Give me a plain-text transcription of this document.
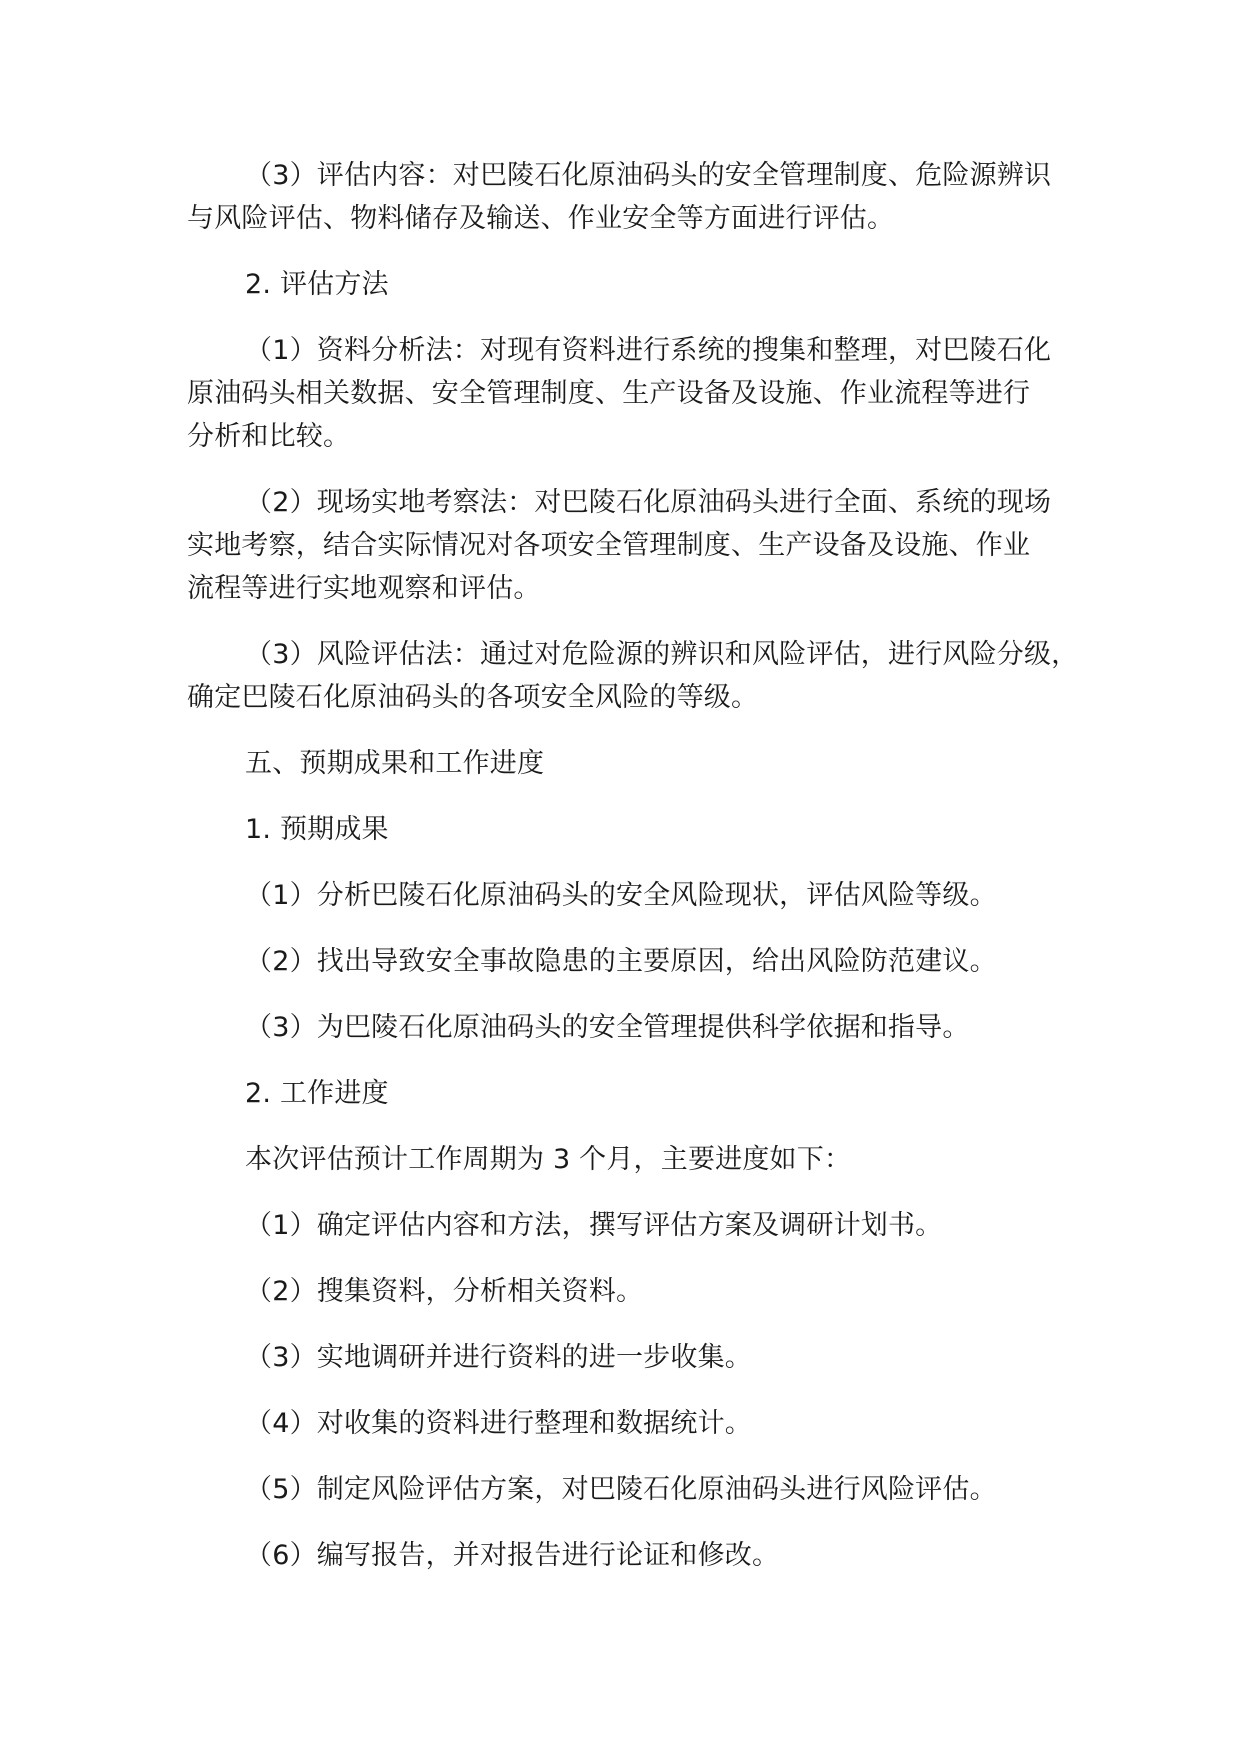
（3）评估内容：对巴陵石化原油码头的安全管理制度、危险源辨识
与风险评估、物料储存及输送、作业安全等方面进行评估。
2. 评估方法
（1）资料分析法：对现有资料进行系统的搜集和整理，对巴陵石化
原油码头相关数据、安全管理制度、生产设备及设施、作业流程等进行
分析和比较。
（2）现场实地考察法：对巴陵石化原油码头进行全面、系统的现场
实地考察，结合实际情况对各项安全管理制度、生产设备及设施、作业
流程等进行实地观察和评估。
（3）风险评估法：通过对危险源的辨识和风险评估，进行风险分级，
确定巴陵石化原油码头的各项安全风险的等级。
五、预期成果和工作进度
1. 预期成果
（1）分析巴陵石化原油码头的安全风险现状，评估风险等级。
（2）找出导致安全事故隐患的主要原因，给出风险防范建议。
（3）为巴陵石化原油码头的安全管理提供科学依据和指导。
2. 工作进度
本次评估预计工作周期为 3 个月，主要进度如下：
（1）确定评估内容和方法，撰写评估方案及调研计划书。
（2）搜集资料，分析相关资料。
（3）实地调研并进行资料的进一步收集。
（4）对收集的资料进行整理和数据统计。
（5）制定风险评估方案，对巴陵石化原油码头进行风险评估。
（6）编写报告，并对报告进行论证和修改。
